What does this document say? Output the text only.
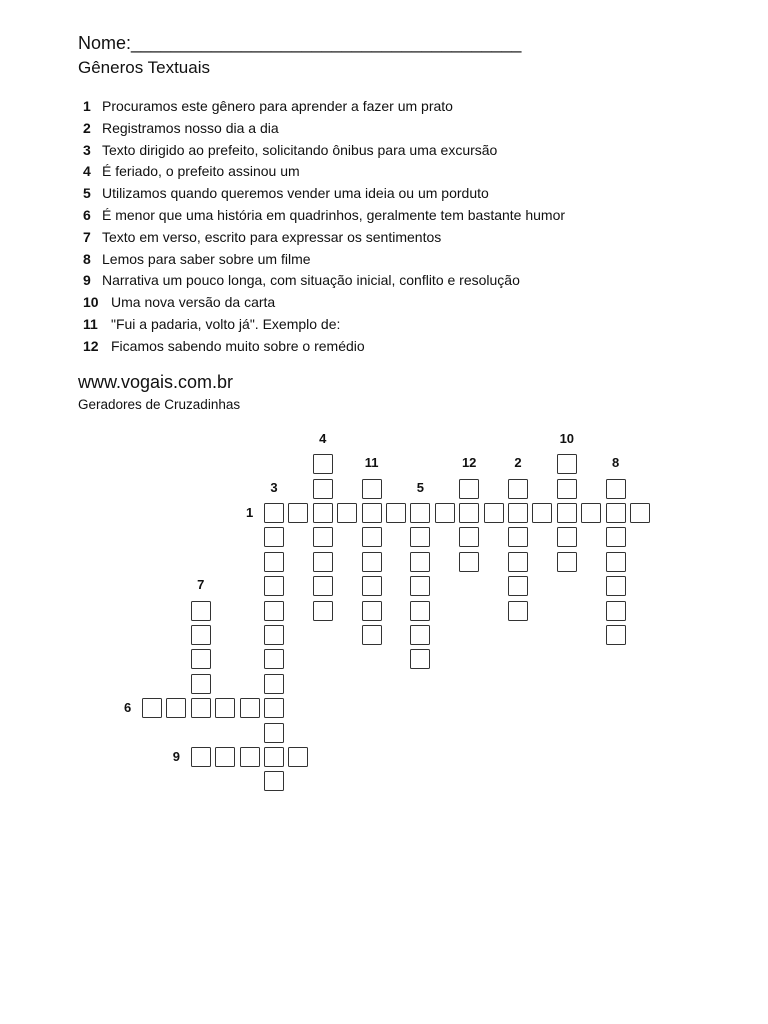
Nome:_______________________________________
Gêneros Textuais
1 Procuramos este gênero para aprender a fazer um prato
2 Registramos nosso dia a dia
3 Texto dirigido ao prefeito, solicitando ônibus para uma excursão
4 É feriado, o prefeito assinou um
5 Utilizamos quando queremos vender uma ideia ou um porduto
6 É menor que uma história em quadrinhos, geralmente tem bastante humor
7 Texto em verso, escrito para expressar os sentimentos
8 Lemos para saber sobre um filme
9 Narrativa um pouco longa, com situação inicial, conflito e resolução
10 Uma nova versão da carta
11 "Fui a padaria, volto já". Exemplo de:
12 Ficamos sabendo muito sobre o remédio
www.vogais.com.br
Geradores de Cruzadinhas
1
3
4
11
5
12	2
10
8
7
6
9
